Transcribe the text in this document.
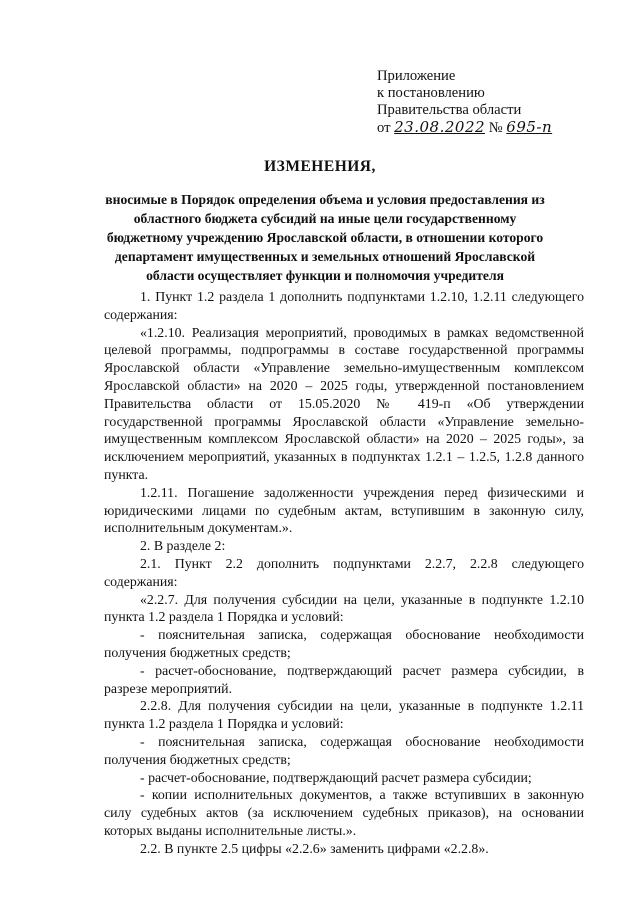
Приложение
к постановлению
Правительства области
от 23.08.2022 № 695-п
ИЗМЕНЕНИЯ,
вносимые в Порядок определения объема и условия предоставления из областного бюджета субсидий на иные цели государственному бюджетному учреждению Ярославской области, в отношении которого департамент имущественных и земельных отношений Ярославской области осуществляет функции и полномочия учредителя

1. Пункт 1.2 раздела 1 дополнить подпунктами 1.2.10, 1.2.11 следующего содержания:

«1.2.10. Реализация мероприятий, проводимых в рамках ведомственной целевой программы, подпрограммы в составе государственной программы Ярославской области «Управление земельно-имущественным комплексом Ярославской области» на 2020 – 2025 годы, утвержденной постановлением Правительства области от 15.05.2020 № 419-п «Об утверждении государственной программы Ярославской области «Управление земельно-имущественным комплексом Ярославской области» на 2020 – 2025 годы», за исключением мероприятий, указанных в подпунктах 1.2.1 – 1.2.5, 1.2.8 данного пункта.

1.2.11. Погашение задолженности учреждения перед физическими и юридическими лицами по судебным актам, вступившим в законную силу, исполнительным документам.».

2. В разделе 2:

2.1. Пункт 2.2 дополнить подпунктами 2.2.7, 2.2.8 следующего содержания:

«2.2.7. Для получения субсидии на цели, указанные в подпункте 1.2.10 пункта 1.2 раздела 1 Порядка и условий:

- пояснительная записка, содержащая обоснование необходимости получения бюджетных средств;

- расчет-обоснование, подтверждающий расчет размера субсидии, в разрезе мероприятий.

2.2.8. Для получения субсидии на цели, указанные в подпункте 1.2.11 пункта 1.2 раздела 1 Порядка и условий:

- пояснительная записка, содержащая обоснование необходимости получения бюджетных средств;

- расчет-обоснование, подтверждающий расчет размера субсидии;

- копии исполнительных документов, а также вступивших в законную силу судебных актов (за исключением судебных приказов), на основании которых выданы исполнительные листы.».

2.2. В пункте 2.5 цифры «2.2.6» заменить цифрами «2.2.8».
